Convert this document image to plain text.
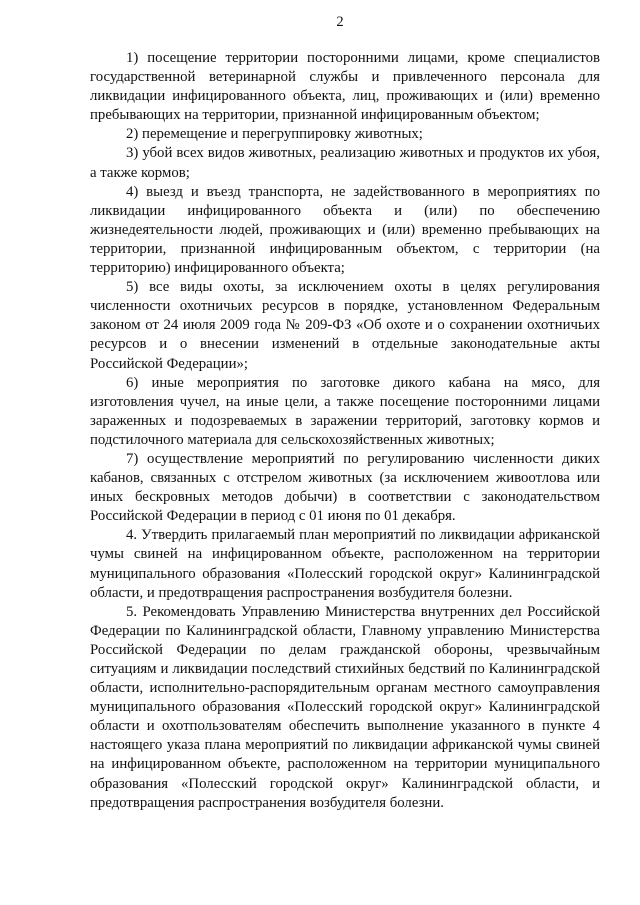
2

1) посещение территории посторонними лицами, кроме специалистов государственной ветеринарной службы и привлеченного персонала для ликвидации инфицированного объекта, лиц, проживающих и (или) временно пребывающих на территории, признанной инфицированным объектом;

2) перемещение и перегруппировку животных;

3) убой всех видов животных, реализацию животных и продуктов их убоя, а также кормов;

4) выезд и въезд транспорта, не задействованного в мероприятиях по ликвидации инфицированного объекта и (или) по обеспечению жизнедеятельности людей, проживающих и (или) временно пребывающих на территории, признанной инфицированным объектом, с территории (на территорию) инфицированного объекта;

5) все виды охоты, за исключением охоты в целях регулирования численности охотничьих ресурсов в порядке, установленном Федеральным законом от 24 июля 2009 года № 209-ФЗ «Об охоте и о сохранении охотничьих ресурсов и о внесении изменений в отдельные законодательные акты Российской Федерации»;

6) иные мероприятия по заготовке дикого кабана на мясо, для изготовления чучел, на иные цели, а также посещение посторонними лицами зараженных и подозреваемых в заражении территорий, заготовку кормов и подстилочного материала для сельскохозяйственных животных;

7) осуществление мероприятий по регулированию численности диких кабанов, связанных с отстрелом животных (за исключением живоотлова или иных бескровных методов добычи) в соответствии с законодательством Российской Федерации в период с 01 июня по 01 декабря.

4. Утвердить прилагаемый план мероприятий по ликвидации африканской чумы свиней на инфицированном объекте, расположенном на территории муниципального образования «Полесский городской округ» Калининградской области, и предотвращения распространения возбудителя болезни.

5. Рекомендовать Управлению Министерства внутренних дел Российской Федерации по Калининградской области, Главному управлению Министерства Российской Федерации по делам гражданской обороны, чрезвычайным ситуациям и ликвидации последствий стихийных бедствий по Калининградской области, исполнительно-распорядительным органам местного самоуправления муниципального образования «Полесский городской округ» Калининградской области и охотпользователям обеспечить выполнение указанного в пункте 4 настоящего указа плана мероприятий по ликвидации африканской чумы свиней на инфицированном объекте, расположенном на территории муниципального образования «Полесский городской округ» Калининградской области, и предотвращения распространения возбудителя болезни.
